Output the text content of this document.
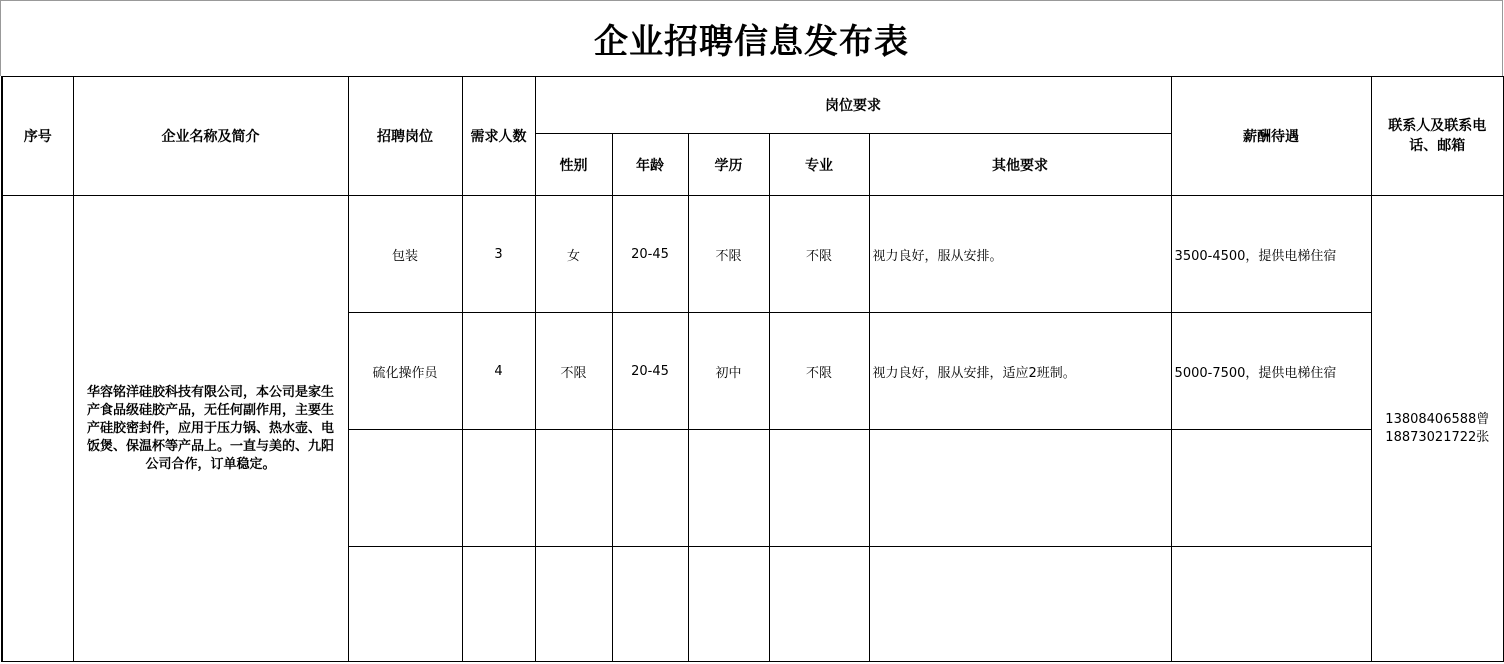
企业招聘信息发布表
序号	企业名称及简介	招聘岗位	需求人数	岗位要求					薪酬待遇	联系人及联系电话、邮箱
				性别	年龄	学历	专业	其他要求		
	华容铭洋硅胶科技有限公司，本公司是家生产食品级硅胶产品，无任何副作用，主要生产硅胶密封件，应用于压力锅、热水壶、电饭煲、保温杯等产品上。一直与美的、九阳公司合作，订单稳定。	包装	3	女	20-45	不限	不限	视力良好，服从安排。	3500-4500，提供电梯住宿	13808406588曾
18873021722张

		硫化操作员	4	不限	20-45	初中	不限	视力良好，服从安排，适应2班制。	5000-7500，提供电梯住宿	
